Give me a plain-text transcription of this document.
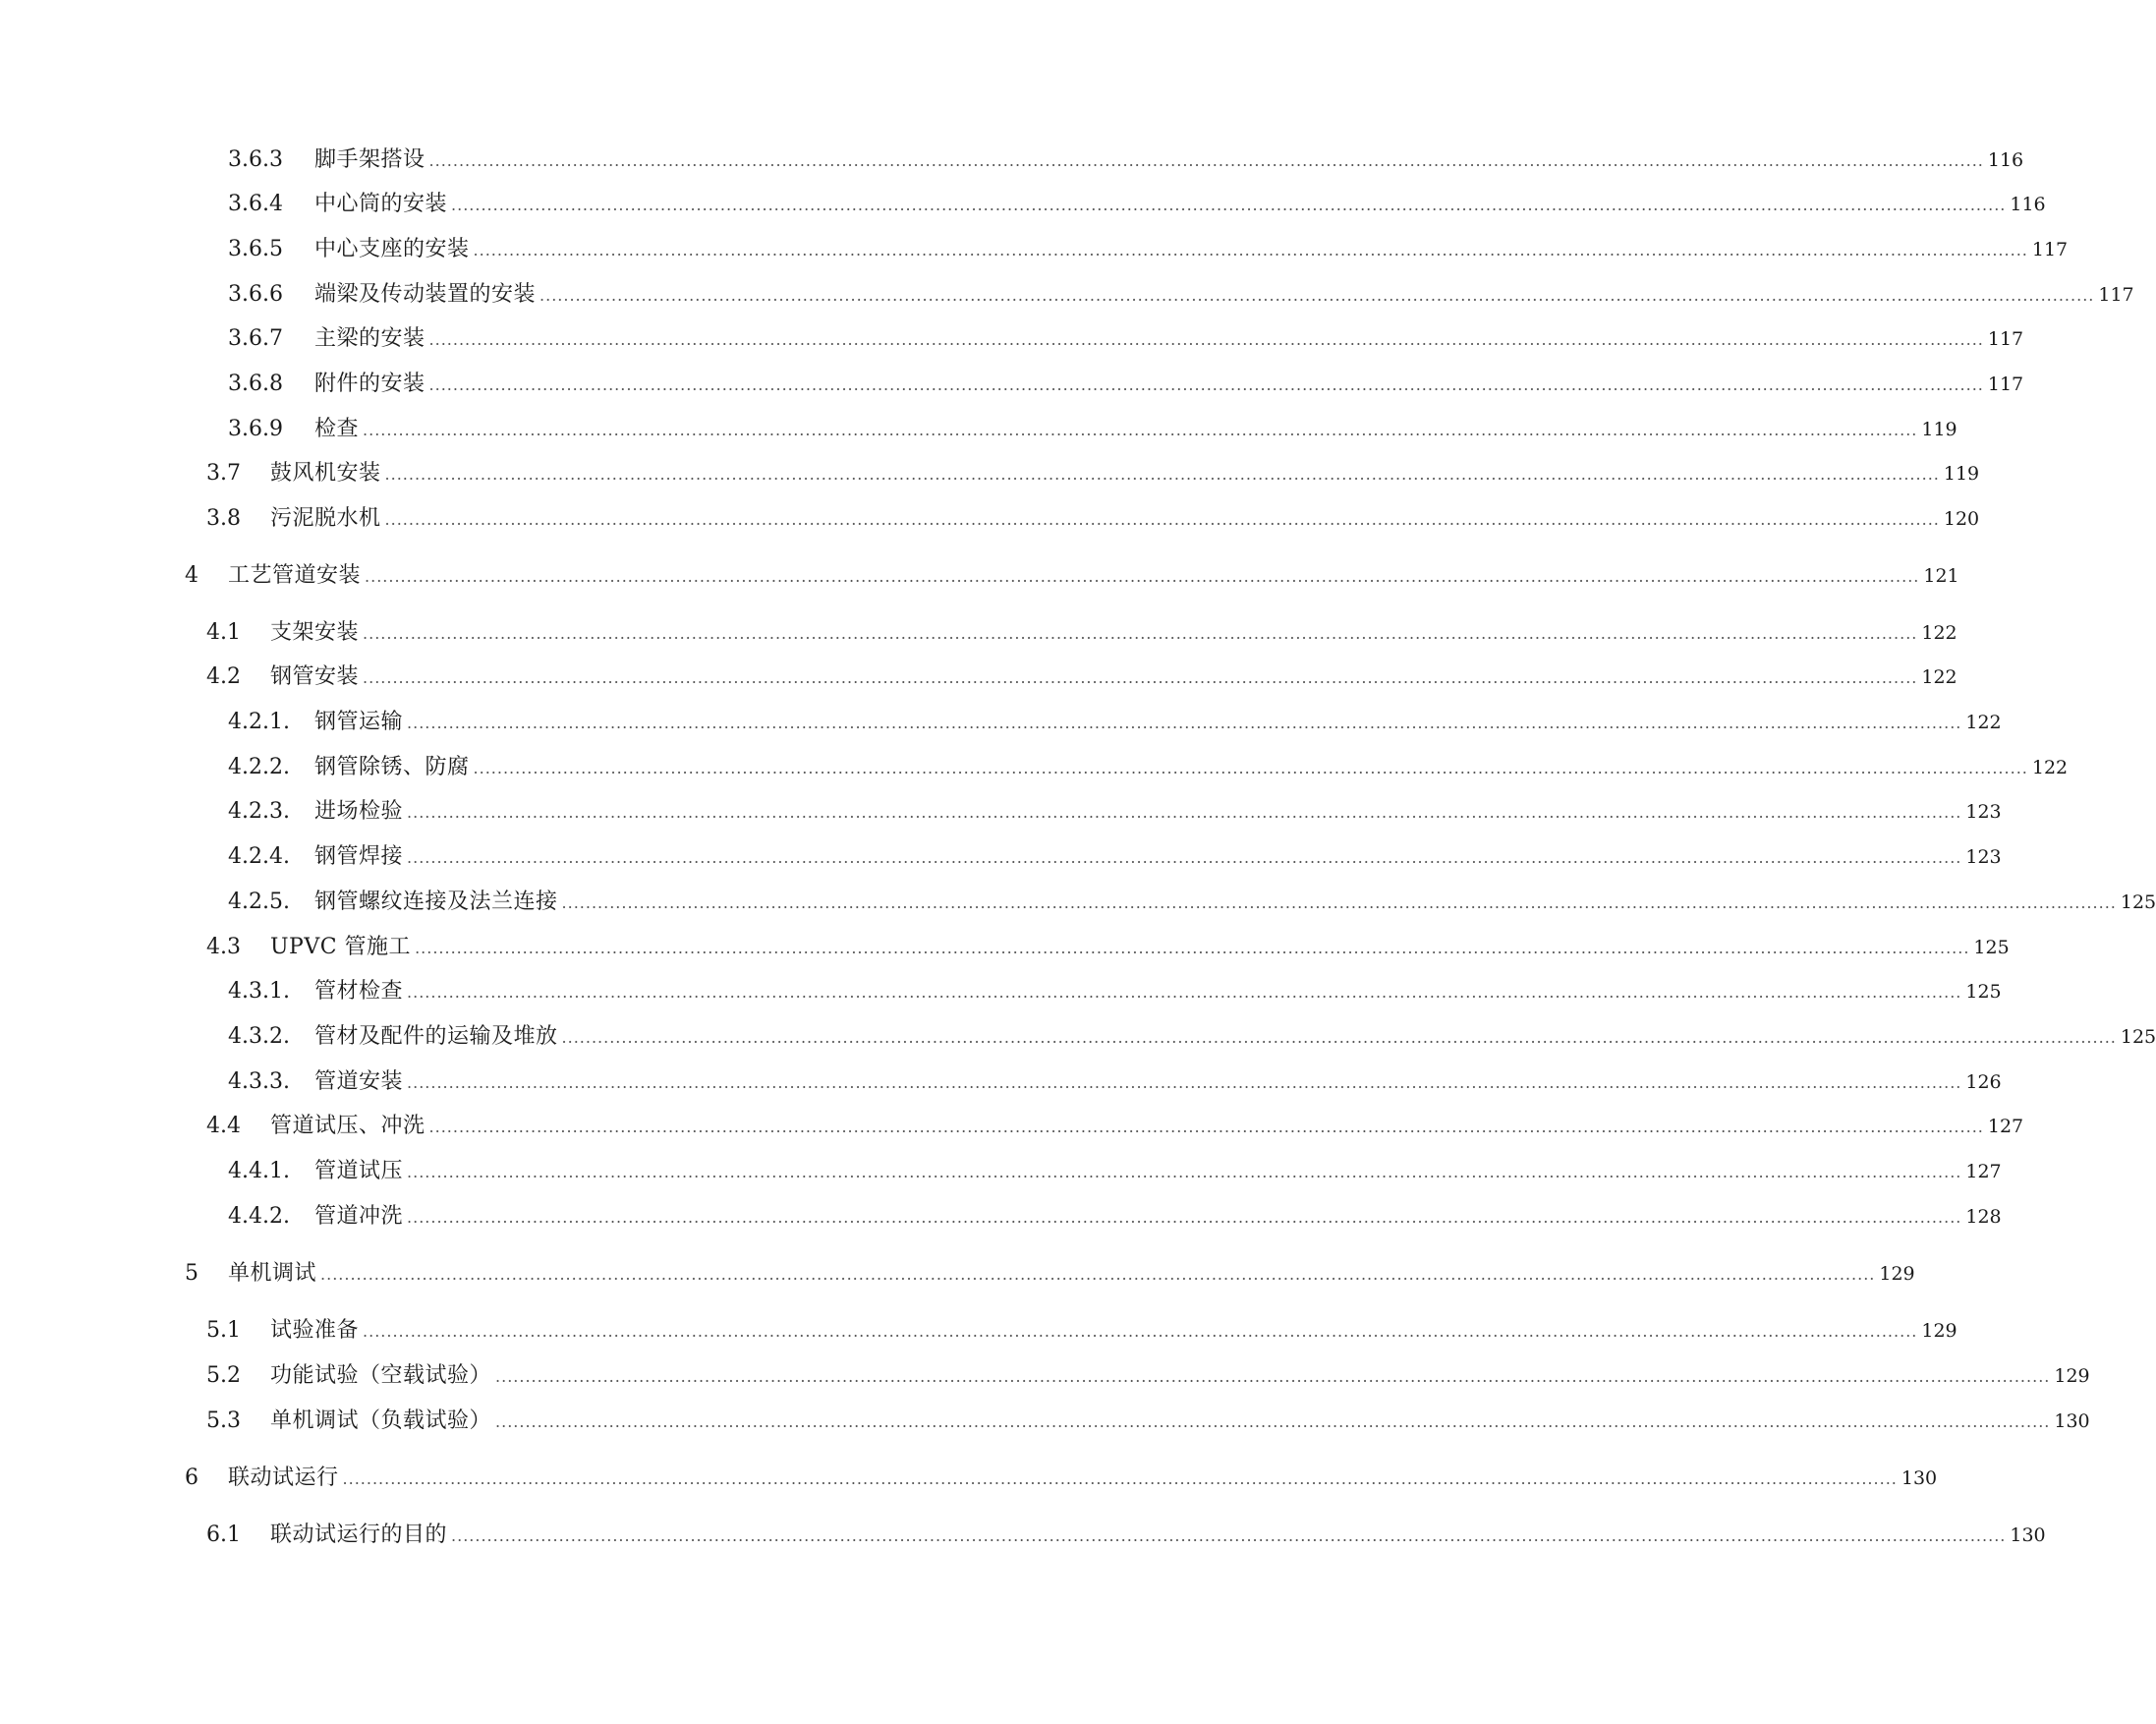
3.6.3	脚手架搭设 .................................................................................................................................................................................................................................................................... 116
3.6.4	中心筒的安装 .................................................................................................................................................................................................................................................................... 116
3.6.5	中心支座的安装 .................................................................................................................................................................................................................................................................... 117
3.6.6	端梁及传动装置的安装 .................................................................................................................................................................................................................................................................... 117
3.6.7	主梁的安装 .................................................................................................................................................................................................................................................................... 117
3.6.8	附件的安装 .................................................................................................................................................................................................................................................................... 117
3.6.9	检查 .................................................................................................................................................................................................................................................................... 119
3.7	鼓风机安装 .................................................................................................................................................................................................................................................................... 119
3.8	污泥脱水机 .................................................................................................................................................................................................................................................................... 120
4	工艺管道安装 .................................................................................................................................................................................................................................................................... 121
4.1	支架安装 .................................................................................................................................................................................................................................................................... 122
4.2	钢管安装 .................................................................................................................................................................................................................................................................... 122
4.2.1.	钢管运输 .................................................................................................................................................................................................................................................................... 122
4.2.2.	钢管除锈、防腐 .................................................................................................................................................................................................................................................................... 122
4.2.3.	进场检验 .................................................................................................................................................................................................................................................................... 123
4.2.4.	钢管焊接 .................................................................................................................................................................................................................................................................... 123
4.2.5.	钢管螺纹连接及法兰连接 .................................................................................................................................................................................................................................................................... 125
4.3	UPVC 管施工 .................................................................................................................................................................................................................................................................... 125
4.3.1.	管材检查 .................................................................................................................................................................................................................................................................... 125
4.3.2.	管材及配件的运输及堆放 .................................................................................................................................................................................................................................................................... 125
4.3.3.	管道安装 .................................................................................................................................................................................................................................................................... 126
4.4	管道试压、冲洗 .................................................................................................................................................................................................................................................................... 127
4.4.1.	管道试压 .................................................................................................................................................................................................................................................................... 127
4.4.2.	管道冲洗 .................................................................................................................................................................................................................................................................... 128
5	单机调试 .................................................................................................................................................................................................................................................................... 129
5.1	试验准备 .................................................................................................................................................................................................................................................................... 129
5.2	功能试验（空载试验） .................................................................................................................................................................................................................................................................... 129
5.3	单机调试（负载试验） .................................................................................................................................................................................................................................................................... 130
6	联动试运行 .................................................................................................................................................................................................................................................................... 130
6.1	联动试运行的目的 .................................................................................................................................................................................................................................................................... 130
